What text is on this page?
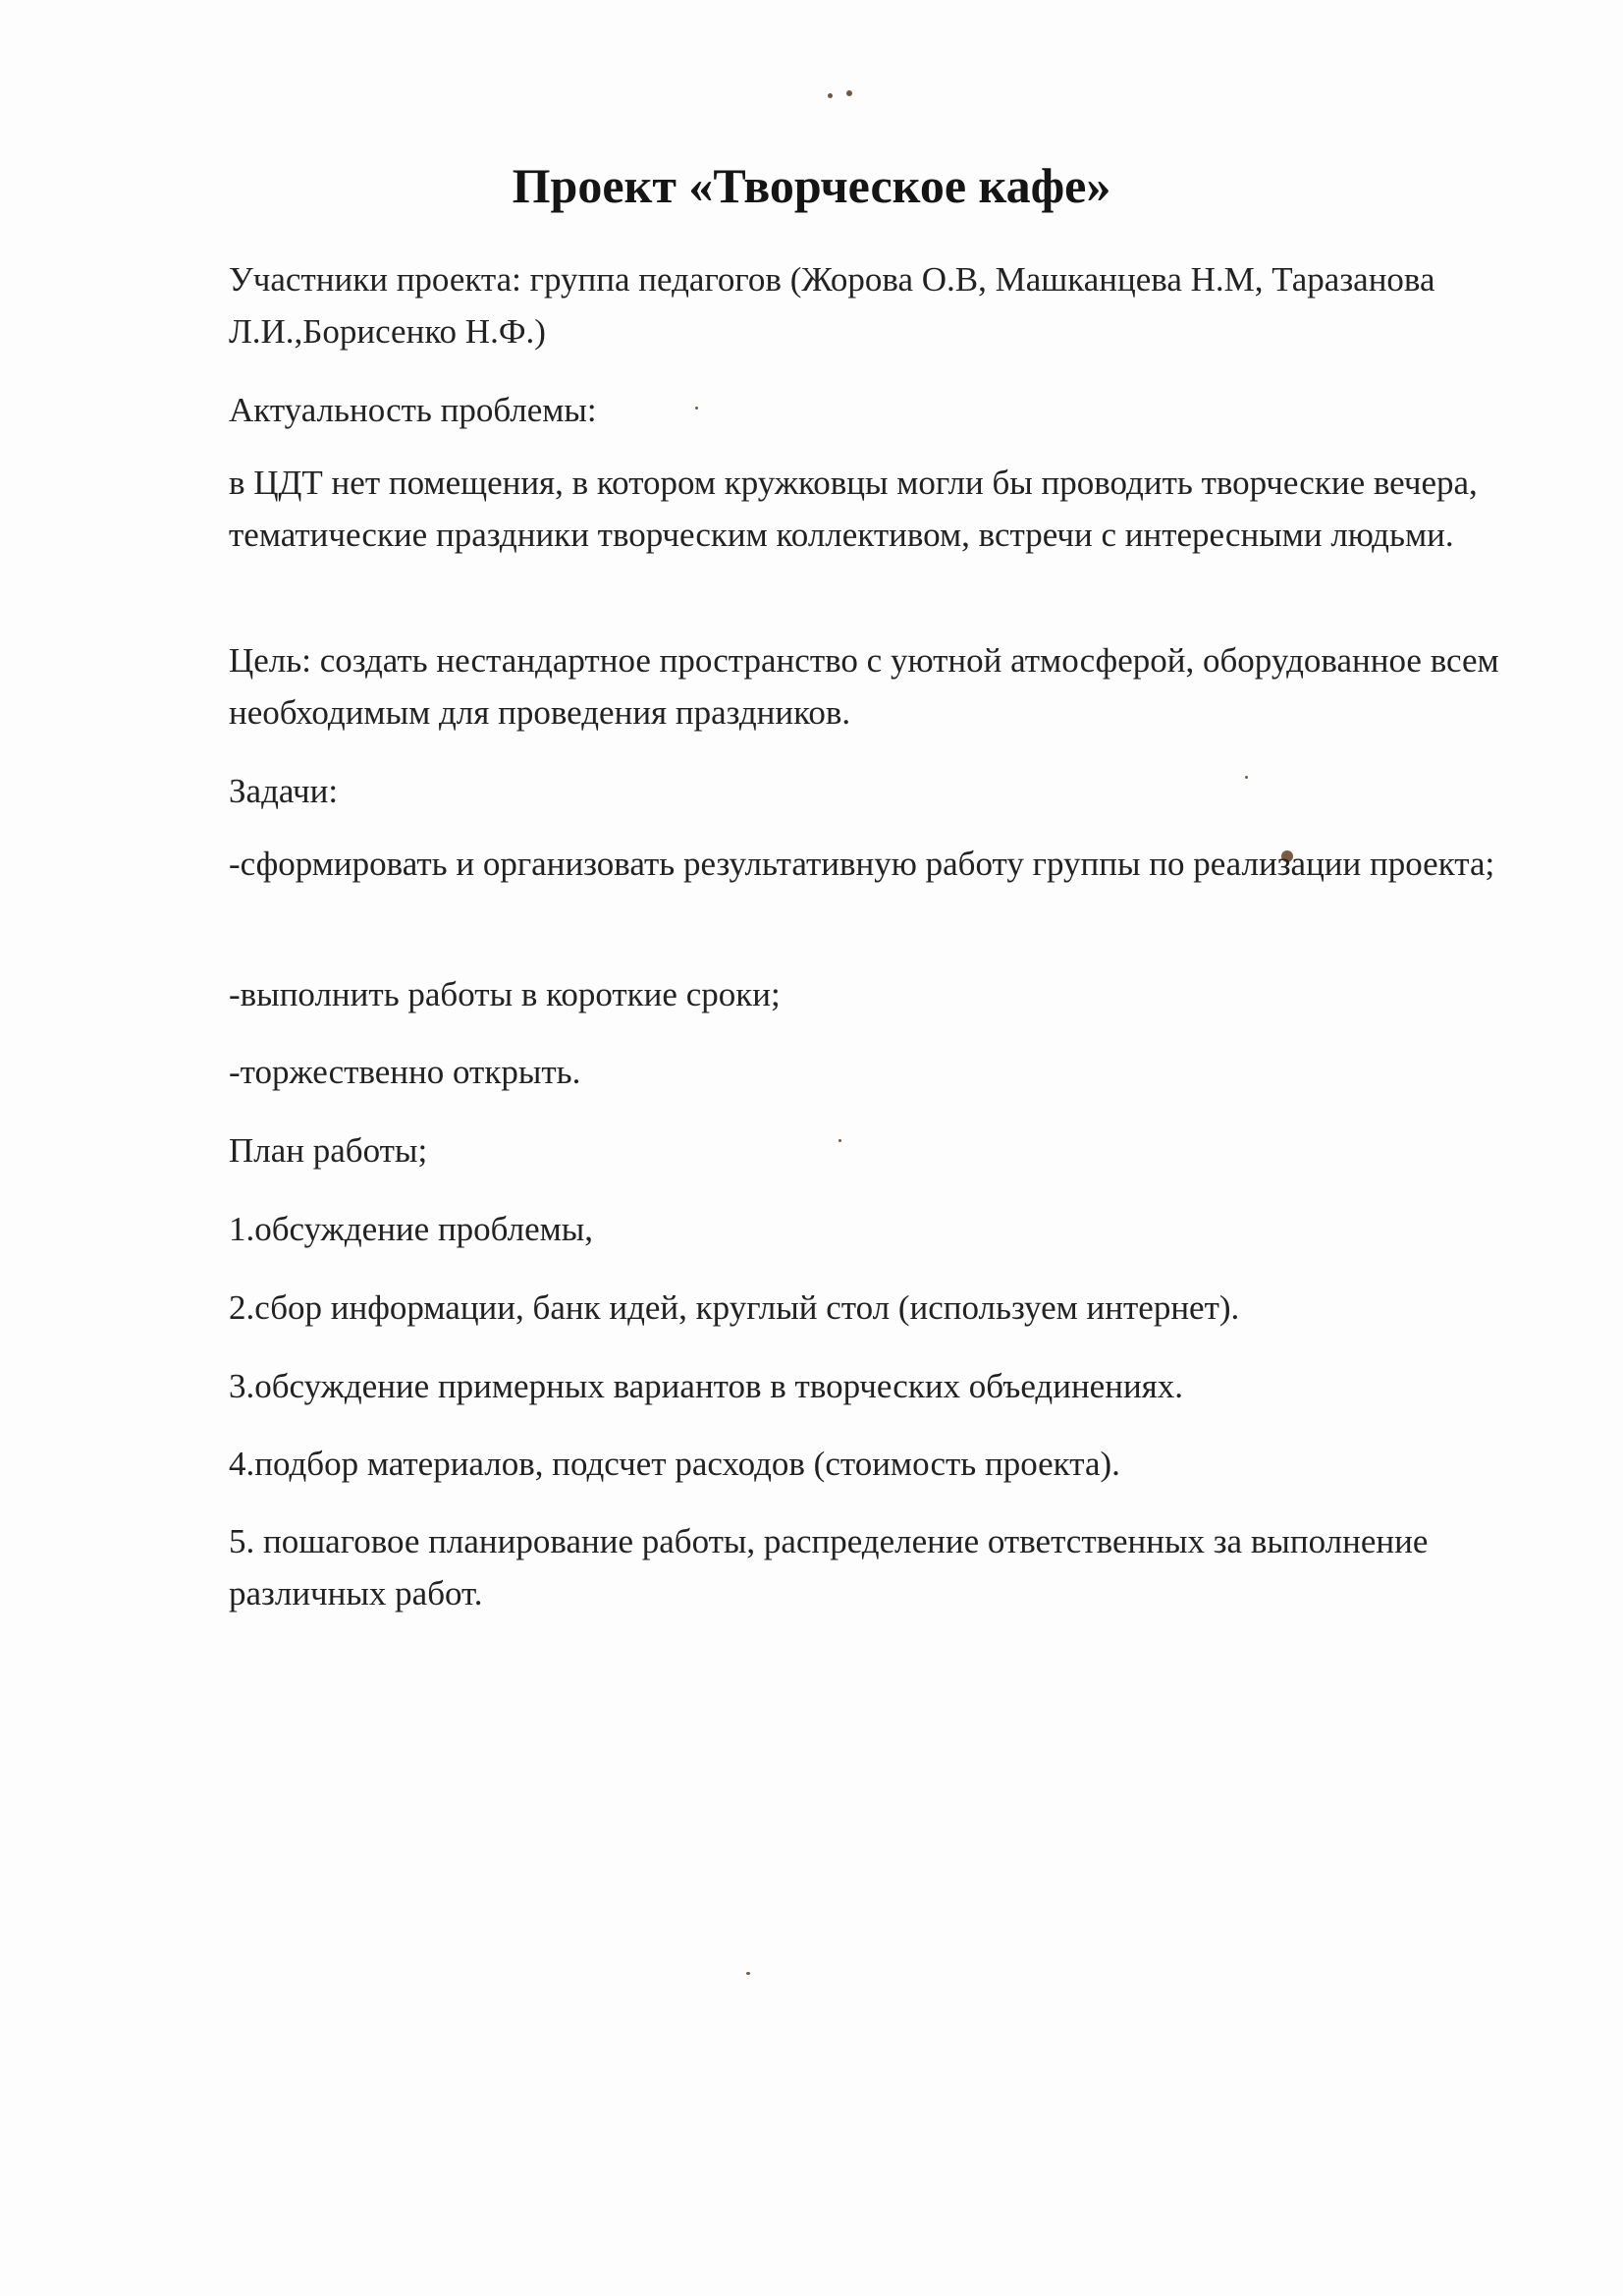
Проект «Творческое кафе»

Участники проекта: группа педагогов (Жорова О.В, Машканцева Н.М, Таразанова Л.И.,Борисенко Н.Ф.)

Актуальность проблемы:

в ЦДТ нет помещения, в котором кружковцы могли бы проводить творческие вечера, тематические праздники творческим коллективом, встречи с интересными людьми.

Цель: создать нестандартное пространство с уютной атмосферой, оборудованное всем необходимым для проведения праздников.

Задачи:

-сформировать и организовать результативную работу группы по реализации проекта;

-выполнить работы в короткие сроки;

-торжественно открыть.

План работы;

1.обсуждение проблемы,

2.сбор информации, банк идей, круглый стол (используем интернет).

3.обсуждение примерных вариантов в творческих объединениях.

4.подбор материалов, подсчет расходов (стоимость проекта).

5. пошаговое планирование работы, распределение ответственных за выполнение различных работ.
